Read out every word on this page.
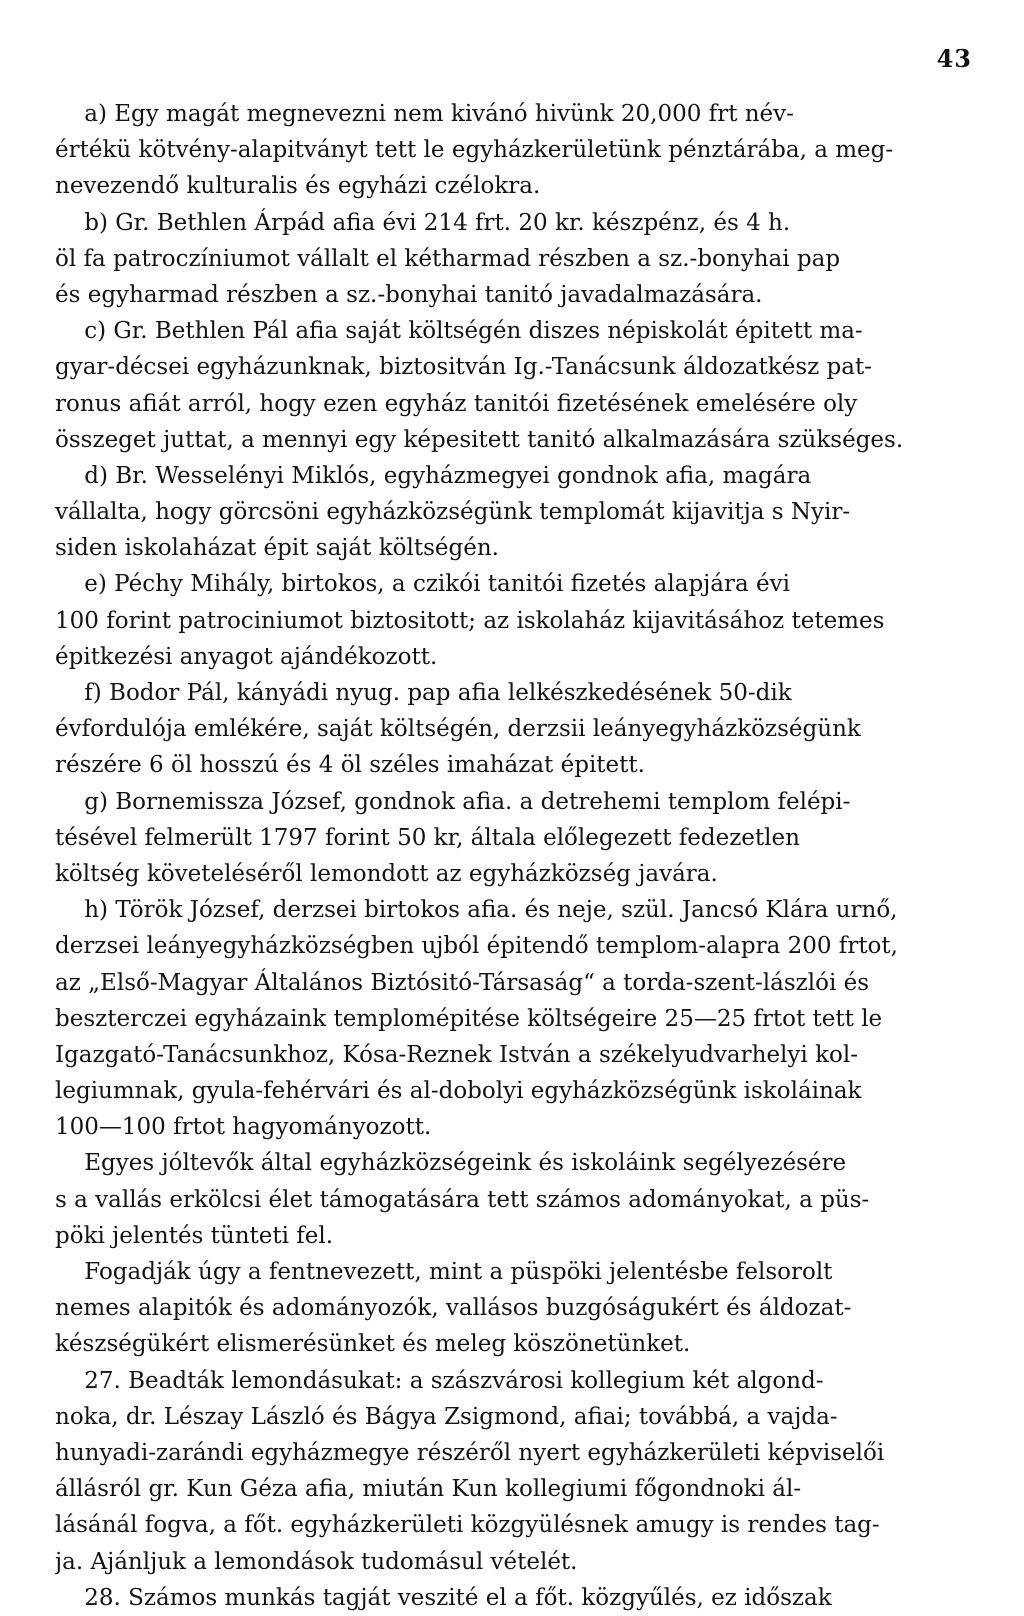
43
a) Egy magát megnevezni nem kivánó hivünk 20,000 frt név-
értékü kötvény-alapitványt tett le egyházkerületünk pénztárába, a meg-
nevezendő kulturalis és egyházi czélokra.
b) Gr. Bethlen Árpád afia évi 214 frt. 20 kr. készpénz, és 4 h.
öl fa patroczíniumot vállalt el kétharmad részben a sz.-bonyhai pap
és egyharmad részben a sz.-bonyhai tanitó javadalmazására.
c) Gr. Bethlen Pál afia saját költségén diszes népiskolát épitett ma-
gyar-décsei egyházunknak, biztositván Ig.-Tanácsunk áldozatkész pat-
ronus afiát arról, hogy ezen egyház tanitói fizetésének emelésére oly
összeget juttat, a mennyi egy képesitett tanitó alkalmazására szükséges.
d) Br. Wesselényi Miklós, egyházmegyei gondnok afia, magára
vállalta, hogy görcsöni egyházközségünk templomát kijavitja s Nyir-
siden iskolaházat épit saját költségén.
e) Péchy Mihály, birtokos, a czikói tanitói fizetés alapjára évi
100 forint patrociniumot biztositott; az iskolaház kijavitásához tetemes
épitkezési anyagot ajándékozott.
f) Bodor Pál, kányádi nyug. pap afia lelkészkedésének 50-dik
évfordulója emlékére, saját költségén, derzsii leányegyházközségünk
részére 6 öl hosszú és 4 öl széles imaházat épitett.
g) Bornemissza József, gondnok afia. a detrehemi templom felépi-
tésével felmerült 1797 forint 50 kr, általa előlegezett fedezetlen
költség követeléséről lemondott az egyházközség javára.
h) Török József, derzsei birtokos afia. és neje, szül. Jancsó Klára urnő,
derzsei leányegyházközségben ujból épitendő templom-alapra 200 frtot,
az „Első-Magyar Általános Biztósitó-Társaság“ a torda-szent-lászlói és
beszterczei egyházaink templomépitése költségeire 25—25 frtot tett le
Igazgató-Tanácsunkhoz, Kósa-Reznek István a székelyudvarhelyi kol-
legiumnak, gyula-fehérvári és al-dobolyi egyházközségünk iskoláinak
100—100 frtot hagyományozott.
Egyes jóltevők által egyházközségeink és iskoláink segélyezésére
s a vallás erkölcsi élet támogatására tett számos adományokat, a püs-
pöki jelentés tünteti fel.
Fogadják úgy a fentnevezett, mint a püspöki jelentésbe felsorolt
nemes alapitók és adományozók, vallásos buzgóságukért és áldozat-
készségükért elismerésünket és meleg köszönetünket.
27. Beadták lemondásukat: a szászvárosi kollegium két algond-
noka, dr. Lészay László és Bágya Zsigmond, afiai; továbbá, a vajda-
hunyadi-zarándi egyházmegye részéről nyert egyházkerületi képviselői
állásról gr. Kun Géza afia, miután Kun kollegiumi főgondnoki ál-
lásánál fogva, a főt. egyházkerületi közgyülésnek amugy is rendes tag-
ja. Ajánljuk a lemondások tudomásul vételét.
28. Számos munkás tagját veszité el a főt. közgyűlés, ez időszak
